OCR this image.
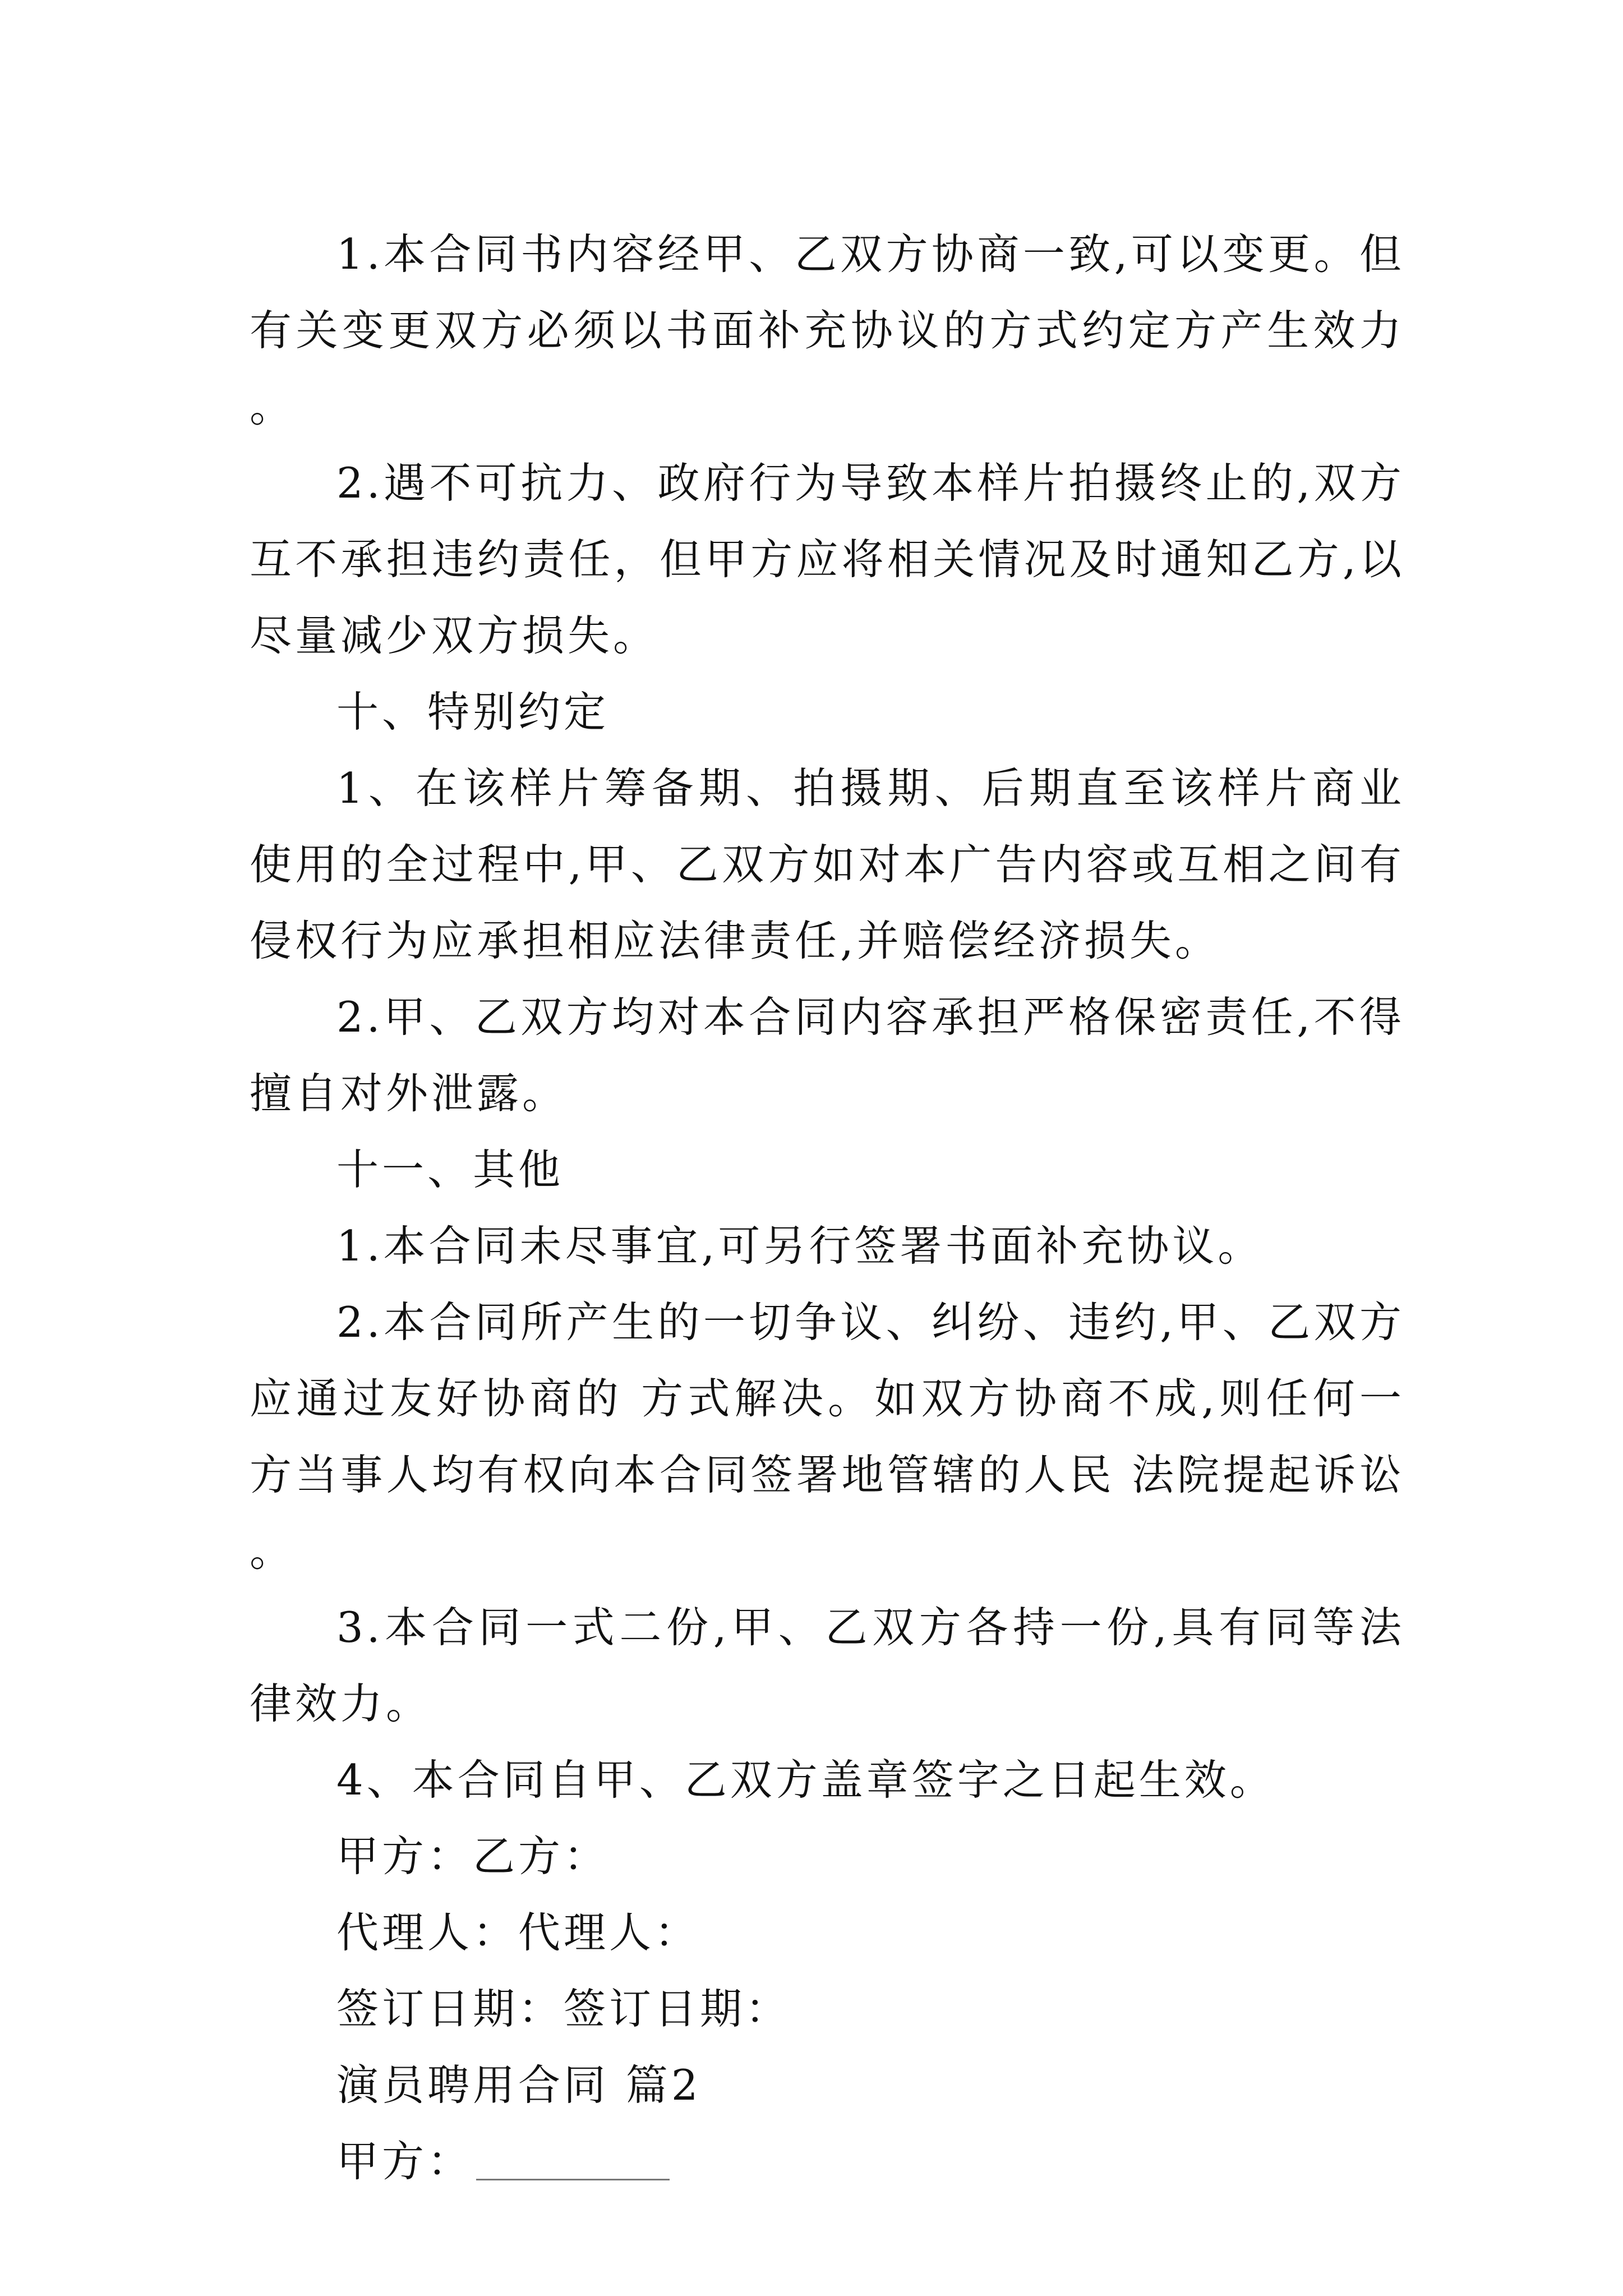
1.本合同书内容经甲、乙双方协商一致,可以变更。但有关变更双方必须以书面补充协议的方式约定方产生效力。

2.遇不可抗力、政府行为导致本样片拍摄终止的,双方互不承担违约责任，但甲方应将相关情况及时通知乙方,以尽量减少双方损失。

十、特别约定

1、在该样片筹备期、拍摄期、后期直至该样片商业使用的全过程中,甲、乙双方如对本广告内容或互相之间有侵权行为应承担相应法律责任,并赔偿经济损失。

2.甲、乙双方均对本合同内容承担严格保密责任,不得擅自对外泄露。

十一、其他

1.本合同未尽事宜,可另行签署书面补充协议。

2.本合同所产生的一切争议、纠纷、违约,甲、乙双方应通过友好协商的 方式解决。如双方协商不成,则任何一方当事人均有权向本合同签署地管辖的人民 法院提起诉讼。

3.本合同一式二份,甲、乙双方各持一份,具有同等法律效力。

4、本合同自甲、乙双方盖章签字之日起生效。

甲方：乙方：

代理人：代理人：

签订日期：签订日期：

演员聘用合同 篇2

甲方：
